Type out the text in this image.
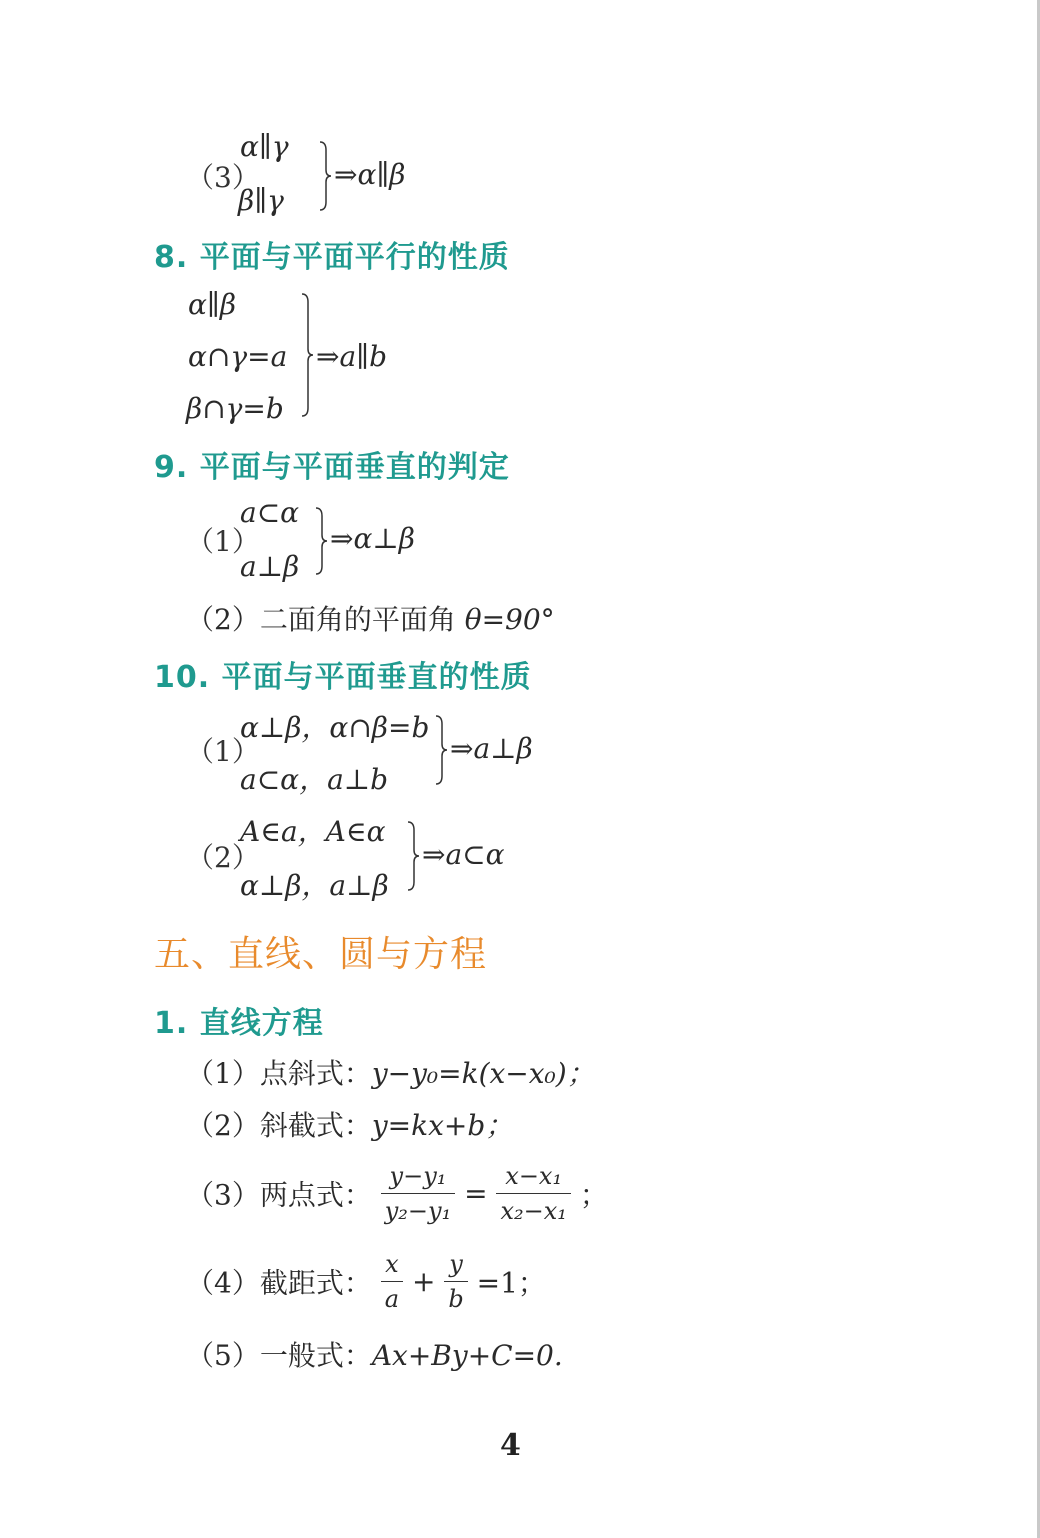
（3）
α∥γ
β∥γ
⇒α∥β
8. 平面与平面平行的性质
α∥β
α∩γ=a
β∩γ=b
⇒a∥b
9. 平面与平面垂直的判定
（1）
a⊂α
a⊥β
⇒α⊥β
（2）二面角的平面角 θ=90°
10. 平面与平面垂直的性质
（1）
α⊥β，α∩β=b
a⊂α，a⊥b
⇒a⊥β
（2）
A∈a，A∈α
α⊥β，a⊥β
⇒a⊂α
五、直线、圆与方程
1. 直线方程
（1）点斜式：y−y₀=k(x−x₀)；
（2）斜截式：y=kx+b；
（3）两点式： $\frac{\text{y−y₁}}{\text{y₂−y₁}} = \frac{\text{x−x₁}}{\text{x₂−x₁}}$ ；
（4）截距式： $\frac{x}{a} + \frac{y}{b} =1$；
（5）一般式：Ax+By+C=0.
4
